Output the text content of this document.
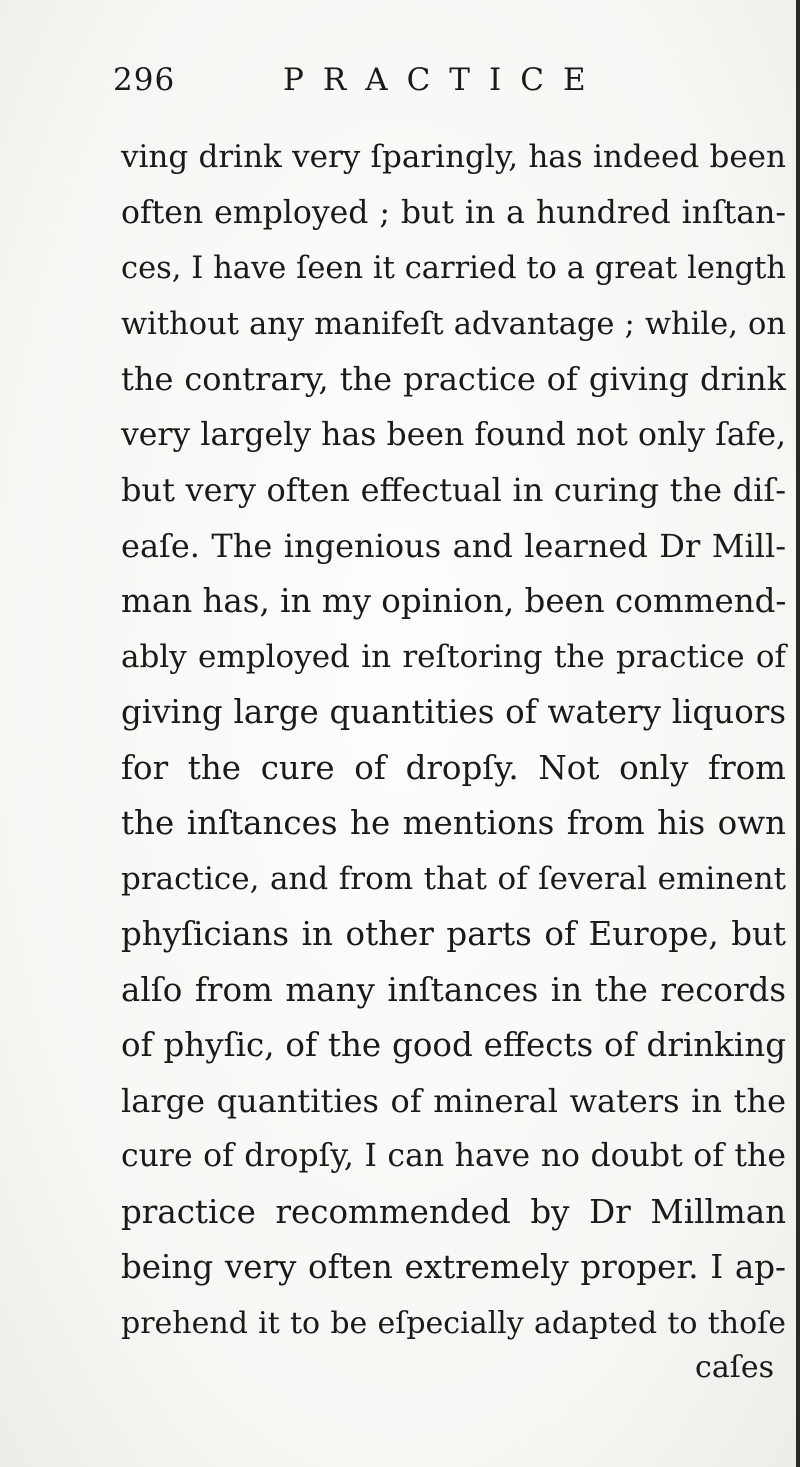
296	PRACTICE
ving drink very ſparingly, has indeed been
often employed ; but in a hundred inſtan-
ces, I have ſeen it carried to a great length
without any manifeſt advantage ; while, on
the contrary, the practice of giving drink
very largely has been found not only ſafe,
but very often effectual in curing the diſ-
eaſe. The ingenious and learned Dr Mill-
man has, in my opinion, been commend-
ably employed in reſtoring the practice of
giving large quantities of watery liquors
for the cure of dropſy. Not only from
the inſtances he mentions from his own
practice, and from that of ſeveral eminent
phyſicians in other parts of Europe, but
alſo from many inſtances in the records
of phyſic, of the good effects of drinking
large quantities of mineral waters in the
cure of dropſy, I can have no doubt of the
practice recommended by Dr Millman
being very often extremely proper. I ap-
prehend it to be eſpecially adapted to thoſe
caſes
